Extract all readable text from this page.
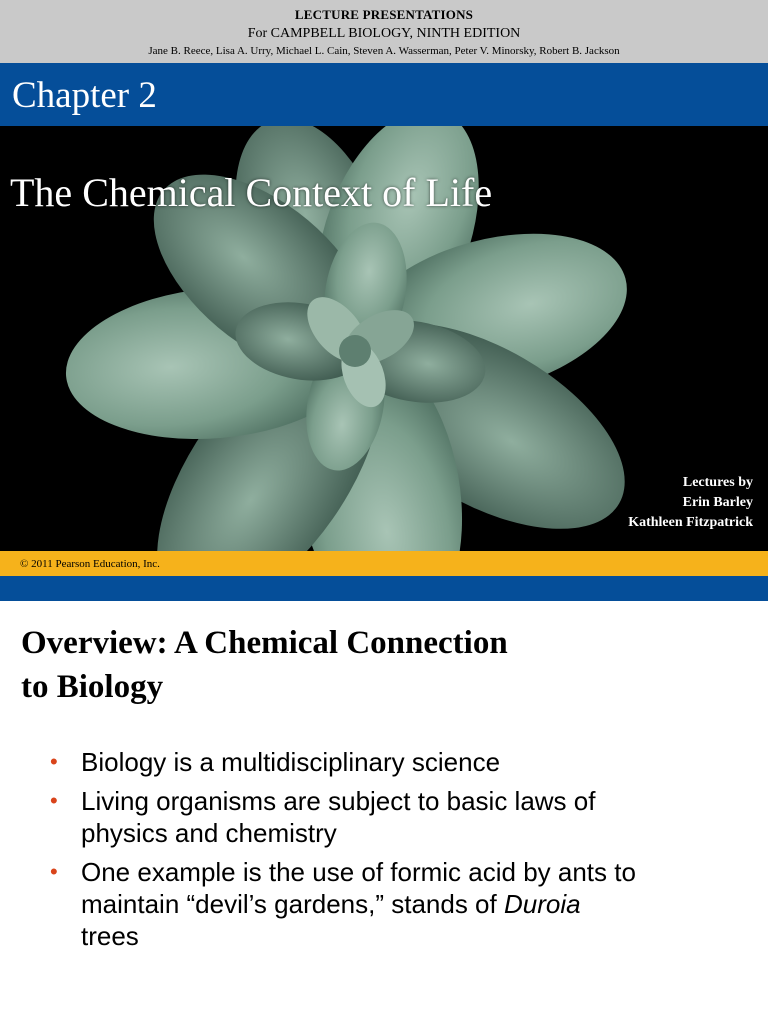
LECTURE PRESENTATIONS
For CAMPBELL BIOLOGY, NINTH EDITION
Jane B. Reece, Lisa A. Urry, Michael L. Cain, Steven A. Wasserman, Peter V. Minorsky, Robert B. Jackson
Chapter 2
The Chemical Context of Life
Lectures by
Erin Barley
Kathleen Fitzpatrick
© 2011 Pearson Education, Inc.
Overview: A Chemical Connection
to Biology
• Biology is a multidisciplinary science
• Living organisms are subject to basic laws of
physics and chemistry
• One example is the use of formic acid by ants to
maintain “devil’s gardens,” stands of Duroia
trees
